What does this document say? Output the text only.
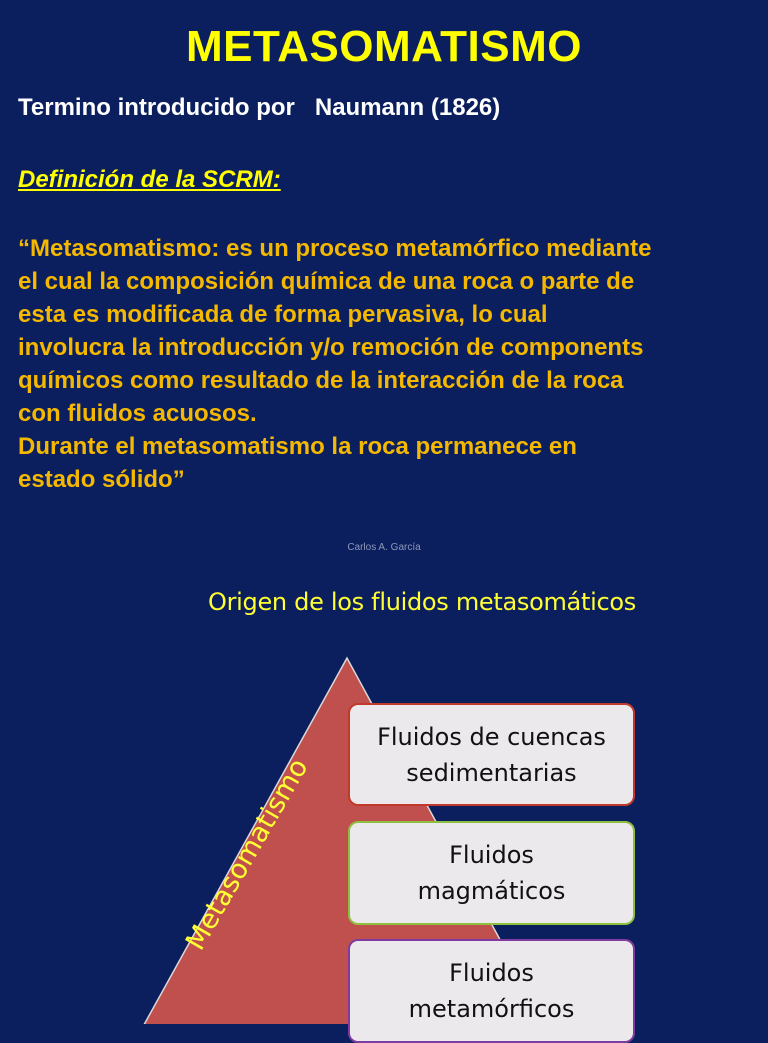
METASOMATISMO
Termino introducido por   Naumann (1826)
Definición de la SCRM:
“Metasomatismo: es un proceso metamórfico mediante
el cual la composición química de una roca o parte de
esta es modificada de forma pervasiva, lo cual
involucra la introducción y/o remoción de components
químicos como resultado de la interacción de la roca
con fluidos acuosos.
Durante el metasomatismo la roca permanece en
estado sólido”
Carlos A. García
Origen de los fluidos metasomáticos
Metasomatismo
Fluidos de cuencas
sedimentarias
Fluidos
magmáticos
Fluidos
metamórficos
